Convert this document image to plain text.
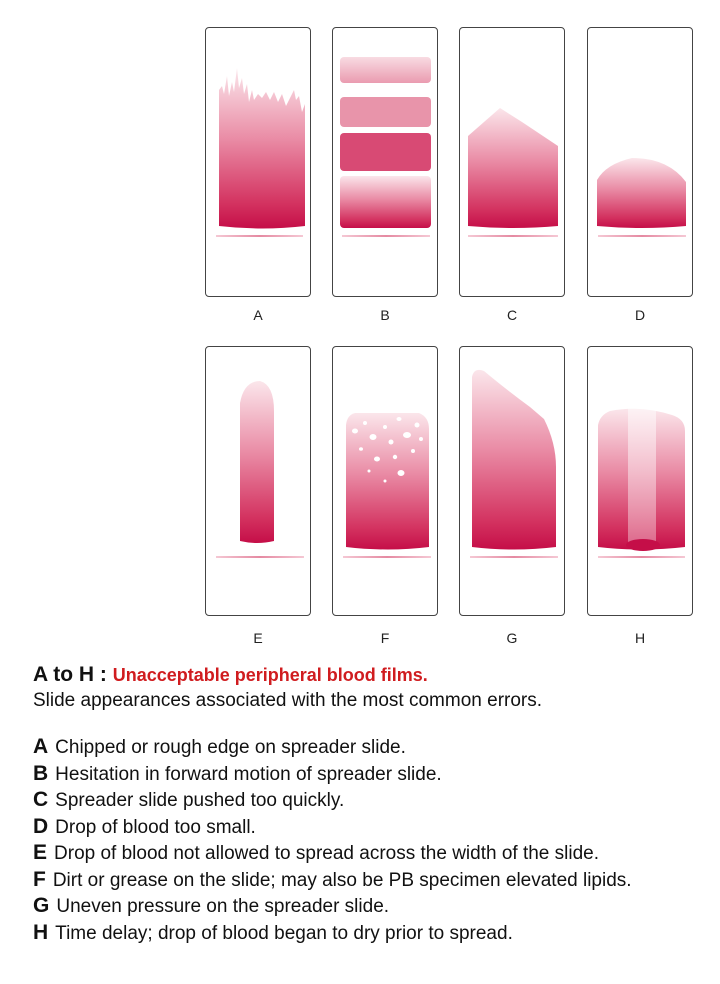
A	B	C	D
E	F	G	H

A to H : Unacceptable peripheral blood films.

Slide appearances associated with the most common errors.

A Chipped or rough edge on spreader slide.

B Hesitation in forward motion of spreader slide.

C Spreader slide pushed too quickly.

D Drop of blood too small.

E Drop of blood not allowed to spread across the width of the slide.

F Dirt or grease on the slide; may also be PB specimen elevated lipids.

G Uneven pressure on the spreader slide.

H Time delay; drop of blood began to dry prior to spread.
